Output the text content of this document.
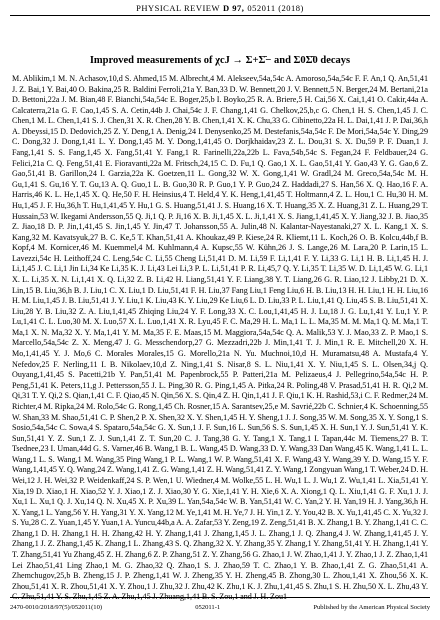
PHYSICAL REVIEW D 97, 052011 (2018)
Improved measurements of χcJ → Σ+Σ̄− and Σ0Σ̄0 decays
M. Ablikim,1 M. N. Achasov,10,d S. Ahmed,15 M. Albrecht,4 M. Alekseev,54a,54c A. Amoroso,54a,54c F. F. An,1 Q. An,51,41 J. Z. Bai,1 Y. Bai,40 O. Bakina,25 R. Baldini Ferroli,21a Y. Ban,33 D. W. Bennett,20 J. V. Bennett,5 N. Berger,24 M. Bertani,21a D. Bettoni,22a J. M. Bian,48 F. Bianchi,54a,54c E. Boger,25,b I. Boyko,25 R. A. Briere,5 H. Cai,56 X. Cai,1,41 O. Cakir,44a A. Calcaterra,21a G. F. Cao,1,45 S. A. Cetin,44b J. Chai,54c J. F. Chang,1,41 G. Chelkov,25,b,c G. Chen,1 H. S. Chen,1,45 J. C. Chen,1 M. L. Chen,1,41 S. J. Chen,31 X. R. Chen,28 Y. B. Chen,1,41 X. K. Chu,33 G. Cibinetto,22a H. L. Dai,1,41 J. P. Dai,36,h A. Dbeyssi,15 D. Dedovich,25 Z. Y. Deng,1 A. Denig,24 I. Denysenko,25 M. Destefanis,54a,54c F. De Mori,54a,54c Y. Ding,29 C. Dong,32 J. Dong,1,41 L. Y. Dong,1,45 M. Y. Dong,1,41,45 O. Dorjkhaidav,23 Z. L. Dou,31 S. X. Du,59 P. F. Duan,1 J. Fang,1,41 S. S. Fang,1,45 X. Fang,51,41 Y. Fang,1 R. Farinelli,22a,22b L. Fava,54b,54c S. Fegan,24 F. Feldbauer,24 G. Felici,21a C. Q. Feng,51,41 E. Fioravanti,22a M. Fritsch,24,15 C. D. Fu,1 Q. Gao,1 X. L. Gao,51,41 Y. Gao,43 Y. G. Gao,6 Z. Gao,51,41 B. Garillon,24 I. Garzia,22a K. Goetzen,11 L. Gong,32 W. X. Gong,1,41 W. Gradl,24 M. Greco,54a,54c M. H. Gu,1,41 S. Gu,16 Y. T. Gu,13 A. Q. Guo,1 L. B. Guo,30 R. P. Guo,1 Y. P. Guo,24 Z. Haddadi,27 S. Han,56 X. Q. Hao,16 F. A. Harris,46 K. L. He,1,45 X. Q. He,50 F. H. Heinsius,4 T. Held,4 Y. K. Heng,1,41,45 T. Holtmann,4 Z. L. Hou,1 C. Hu,30 H. M. Hu,1,45 J. F. Hu,36,h T. Hu,1,41,45 Y. Hu,1 G. S. Huang,51,41 J. S. Huang,16 X. T. Huang,35 X. Z. Huang,31 Z. L. Huang,29 T. Hussain,53 W. Ikegami Andersson,55 Q. Ji,1 Q. P. Ji,16 X. B. Ji,1,45 X. L. Ji,1,41 X. S. Jiang,1,41,45 X. Y. Jiang,32 J. B. Jiao,35 Z. Jiao,18 D. P. Jin,1,41,45 S. Jin,1,45 Y. Jin,47 T. Johansson,55 A. Julin,48 N. Kalantar-Nayestanaki,27 X. L. Kang,1 X. S. Kang,32 M. Kavatsyuk,27 B. C. Ke,5 T. Khan,51,41 A. Khoukaz,49 P. Kiese,24 R. Kliemt,11 L. Koch,26 O. B. Kolcu,44b,f B. Kopf,4 M. Kornicer,46 M. Kuemmel,4 M. Kuhlmann,4 A. Kupsc,55 W. Kühn,26 J. S. Lange,26 M. Lara,20 P. Larin,15 L. Lavezzi,54c H. Leithoff,24 C. Leng,54c C. Li,55 Cheng Li,51,41 D. M. Li,59 F. Li,1,41 F. Y. Li,33 G. Li,1 H. B. Li,1,45 H. J. Li,1,45 J. C. Li,1 Jin Li,34 Ke Li,35 K. J. Li,43 Lei Li,3 P. L. Li,51,41 P. R. Li,45,7 Q. Y. Li,35 T. Li,35 W. D. Li,1,45 W. G. Li,1 X. L. Li,35 X. N. Li,1,41 X. Q. Li,32 Z. B. Li,42 H. Liang,51,41 Y. F. Liang,38 Y. T. Liang,26 G. R. Liao,12 J. Libby,21 D. X. Lin,15 B. Liu,36,h B. J. Liu,1 C. X. Liu,1 D. Liu,51,41 F. H. Liu,37 Fang Liu,1 Feng Liu,6 H. B. Liu,13 H. H. Liu,1 H. H. Liu,16 H. M. Liu,1,45 J. B. Liu,51,41 J. Y. Liu,1 K. Liu,43 K. Y. Liu,29 Ke Liu,6 L. D. Liu,33 P. L. Liu,1,41 Q. Liu,45 S. B. Liu,51,41 X. Liu,28 Y. B. Liu,32 Z. A. Liu,1,41,45 Zhiqing Liu,24 Y. F. Long,33 X. C. Lou,1,41,45 H. J. Lu,18 J. G. Lu,1,41 Y. Lu,1 Y. P. Lu,1,41 C. L. Luo,30 M. X. Luo,57 X. L. Luo,1,41 X. R. Lyu,45 F. C. Ma,29 H. L. Ma,1 L. L. Ma,35 M. M. Ma,1 Q. M. Ma,1 T. Ma,1 X. N. Ma,32 X. Y. Ma,1,41 Y. M. Ma,35 F. E. Maas,15 M. Maggiora,54a,54c Q. A. Malik,53 Y. J. Mao,33 Z. P. Mao,1 S. Marcello,54a,54c Z. X. Meng,47 J. G. Messchendorp,27 G. Mezzadri,22b J. Min,1,41 T. J. Min,1 R. E. Mitchell,20 X. H. Mo,1,41,45 Y. J. Mo,6 C. Morales Morales,15 G. Morello,21a N. Yu. Muchnoi,10,d H. Muramatsu,48 A. Mustafa,4 Y. Nefedov,25 F. Nerling,11 I. B. Nikolaev,10,d Z. Ning,1,41 S. Nisar,8 S. L. Niu,1,41 X. Y. Niu,1,45 S. L. Olsen,34,j Q. Ouyang,1,41,45 S. Pacetti,21b Y. Pan,51,41 M. Papenbrock,55 P. Patteri,21a M. Pelizaeus,4 J. Pellegrino,54a,54c H. P. Peng,51,41 K. Peters,11,g J. Pettersson,55 J. L. Ping,30 R. G. Ping,1,45 A. Pitka,24 R. Poling,48 V. Prasad,51,41 H. R. Qi,2 M. Qi,31 T. Y. Qi,2 S. Qian,1,41 C. F. Qiao,45 N. Qin,56 X. S. Qin,4 Z. H. Qin,1,41 J. F. Qiu,1 K. H. Rashid,53,i C. F. Redmer,24 M. Richter,4 M. Ripka,24 M. Rolo,54c G. Rong,1,45 Ch. Rosner,15 A. Sarantsev,25,e M. Savrié,22b C. Schnier,4 K. Schoenning,55 W. Shan,33 M. Shao,51,41 C. P. Shen,2 P. X. Shen,32 X. Y. Shen,1,45 H. Y. Sheng,1 J. J. Song,35 W. M. Song,35 X. Y. Song,1 S. Sosio,54a,54c C. Sowa,4 S. Spataro,54a,54c G. X. Sun,1 J. F. Sun,16 L. Sun,56 S. S. Sun,1,45 X. H. Sun,1 Y. J. Sun,51,41 Y. K. Sun,51,41 Y. Z. Sun,1 Z. J. Sun,1,41 Z. T. Sun,20 C. J. Tang,38 G. Y. Tang,1 X. Tang,1 I. Tapan,44c M. Tiemens,27 B. T. Tsednee,23 I. Uman,44d G. S. Varner,46 B. Wang,1 B. L. Wang,45 D. Wang,33 D. Y. Wang,33 Dan Wang,45 K. Wang,1,41 L. L. Wang,1 L. S. Wang,1 M. Wang,35 Ping Wang,1 P. L. Wang,1 W. P. Wang,51,41 X. F. Wang,43 Y. Wang,39 Y. D. Wang,15 Y. F. Wang,1,41,45 Y. Q. Wang,24 Z. Wang,1,41 Z. G. Wang,1,41 Z. H. Wang,51,41 Z. Y. Wang,1 Zongyuan Wang,1 T. Weber,24 D. H. Wei,12 J. H. Wei,32 P. Weidenkaff,24 S. P. Wen,1 U. Wiedner,4 M. Wolke,55 L. H. Wu,1 L. J. Wu,1 Z. Wu,1,41 L. Xia,51,41 Y. Xia,19 D. Xiao,1 H. Xiao,52 Y. J. Xiao,1 Z. J. Xiao,30 Y. G. Xie,1,41 Y. H. Xie,6 X. A. Xiong,1 Q. L. Xiu,1,41 G. F. Xu,1 J. J. Xu,1 L. Xu,1 Q. J. Xu,14 Q. N. Xu,45 X. P. Xu,39 L. Yan,54a,54c W. B. Yan,51,41 W. C. Yan,2 Y. H. Yan,19 H. J. Yang,36,h H. X. Yang,1 L. Yang,56 Y. H. Yang,31 Y. X. Yang,12 M. Ye,1,41 M. H. Ye,7 J. H. Yin,1 Z. Y. You,42 B. X. Yu,1,41,45 C. X. Yu,32 J. S. Yu,28 C. Z. Yuan,1,45 Y. Yuan,1 A. Yuncu,44b,a A. A. Zafar,53 Y. Zeng,19 Z. Zeng,51,41 B. X. Zhang,1 B. Y. Zhang,1,41 C. C. Zhang,1 D. H. Zhang,1 H. H. Zhang,42 H. Y. Zhang,1,41 J. Zhang,1,45 J. L. Zhang,1 J. Q. Zhang,4 J. W. Zhang,1,41,45 J. Y. Zhang,1 J. Z. Zhang,1,45 K. Zhang,1 L. Zhang,43 S. Q. Zhang,32 X. Y. Zhang,35 Y. Zhang,1 Y. Zhang,51,41 Y. H. Zhang,1,41 Y. T. Zhang,51,41 Yu Zhang,45 Z. H. Zhang,6 Z. P. Zhang,51 Z. Y. Zhang,56 G. Zhao,1 J. W. Zhao,1,41 J. Y. Zhao,1 J. Z. Zhao,1,41 Lei Zhao,51,41 Ling Zhao,1 M. G. Zhao,32 Q. Zhao,1 S. J. Zhao,59 T. C. Zhao,1 Y. B. Zhao,1,41 Z. G. Zhao,51,41 A. Zhemchugov,25,b B. Zheng,15 J. P. Zheng,1,41 W. J. Zheng,35 Y. H. Zheng,45 B. Zhong,30 L. Zhou,1,41 X. Zhou,56 X. K. Zhou,51,41 X. R. Zhou,51,41 X. Y. Zhou,1 J. Zhu,32 J. Zhu,42 K. Zhu,1 K. J. Zhu,1,41,45 S. Zhu,1 S. H. Zhu,50 X. L. Zhu,43 Y.
2470-0010/2018/97(5)/052011(10)	052011-1	Published by the American Physical Society
